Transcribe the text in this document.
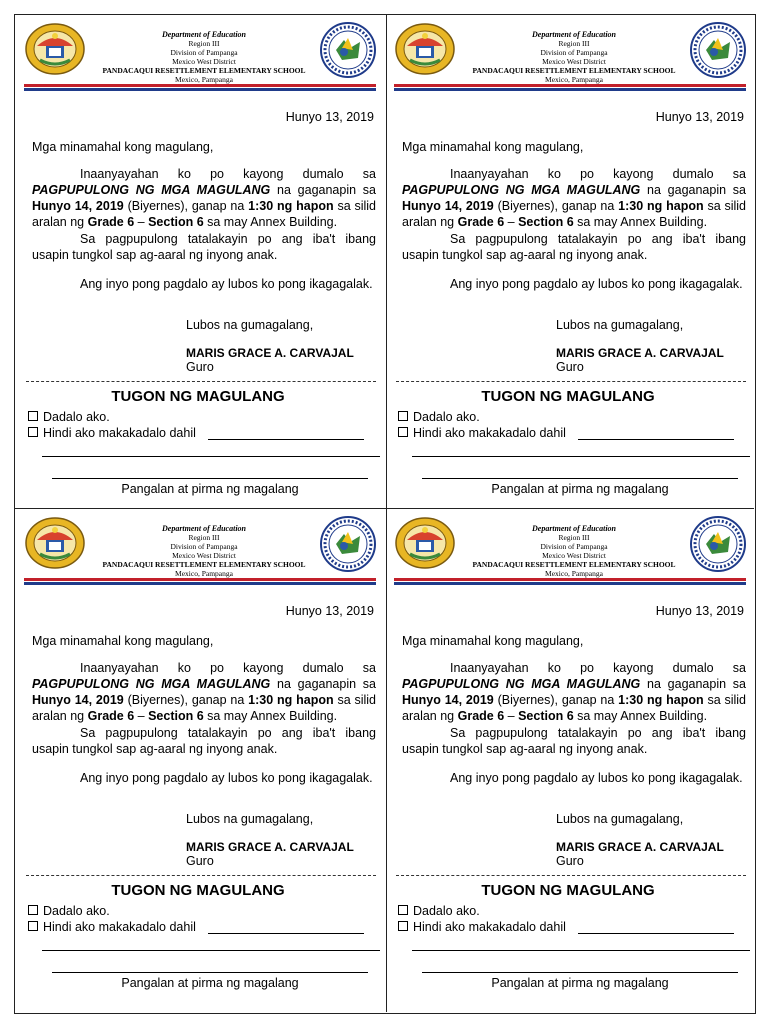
Department of Education
Region III
Division of Pampanga
Mexico West District
PANDACAQUI RESETTLEMENT ELEMENTARY SCHOOL
Mexico, Pampanga
Hunyo 13, 2019
Mga minamahal kong magulang,
Inaanyayahan ko po kayong dumalo sa PAGPUPULONG NG MGA MAGULANG na gaganapin sa Hunyo 14, 2019 (Biyernes), ganap na 1:30 ng hapon sa silid aralan ng Grade 6 – Section 6 sa may Annex Building.
Sa pagpupulong tatalakayin po ang iba't ibang usapin tungkol sap ag-aaral ng inyong anak.
Ang inyo pong pagdalo ay lubos ko pong ikagagalak.
Lubos na gumagalang,
MARIS GRACE A. CARVAJAL
Guro
TUGON NG MAGULANG
Dadalo ako.
Hindi ako makakadalo dahil
Pangalan at pirma ng magalang
Department of Education
Region III
Division of Pampanga
Mexico West District
PANDACAQUI RESETTLEMENT ELEMENTARY SCHOOL
Mexico, Pampanga
Hunyo 13, 2019
Mga minamahal kong magulang,
Inaanyayahan ko po kayong dumalo sa PAGPUPULONG NG MGA MAGULANG na gaganapin sa Hunyo 14, 2019 (Biyernes), ganap na 1:30 ng hapon sa silid aralan ng Grade 6 – Section 6 sa may Annex Building.
Sa pagpupulong tatalakayin po ang iba't ibang usapin tungkol sap ag-aaral ng inyong anak.
Ang inyo pong pagdalo ay lubos ko pong ikagagalak.
Lubos na gumagalang,
MARIS GRACE A. CARVAJAL
Guro
TUGON NG MAGULANG
Dadalo ako.
Hindi ako makakadalo dahil
Pangalan at pirma ng magalang
Department of Education
Region III
Division of Pampanga
Mexico West District
PANDACAQUI RESETTLEMENT ELEMENTARY SCHOOL
Mexico, Pampanga
Hunyo 13, 2019
Mga minamahal kong magulang,
Inaanyayahan ko po kayong dumalo sa PAGPUPULONG NG MGA MAGULANG na gaganapin sa Hunyo 14, 2019 (Biyernes), ganap na 1:30 ng hapon sa silid aralan ng Grade 6 – Section 6 sa may Annex Building.
Sa pagpupulong tatalakayin po ang iba't ibang usapin tungkol sap ag-aaral ng inyong anak.
Ang inyo pong pagdalo ay lubos ko pong ikagagalak.
Lubos na gumagalang,
MARIS GRACE A. CARVAJAL
Guro
TUGON NG MAGULANG
Dadalo ako.
Hindi ako makakadalo dahil
Pangalan at pirma ng magalang
Department of Education
Region III
Division of Pampanga
Mexico West District
PANDACAQUI RESETTLEMENT ELEMENTARY SCHOOL
Mexico, Pampanga
Hunyo 13, 2019
Mga minamahal kong magulang,
Inaanyayahan ko po kayong dumalo sa PAGPUPULONG NG MGA MAGULANG na gaganapin sa Hunyo 14, 2019 (Biyernes), ganap na 1:30 ng hapon sa silid aralan ng Grade 6 – Section 6 sa may Annex Building.
Sa pagpupulong tatalakayin po ang iba't ibang usapin tungkol sap ag-aaral ng inyong anak.
Ang inyo pong pagdalo ay lubos ko pong ikagagalak.
Lubos na gumagalang,
MARIS GRACE A. CARVAJAL
Guro
TUGON NG MAGULANG
Dadalo ako.
Hindi ako makakadalo dahil
Pangalan at pirma ng magalang
